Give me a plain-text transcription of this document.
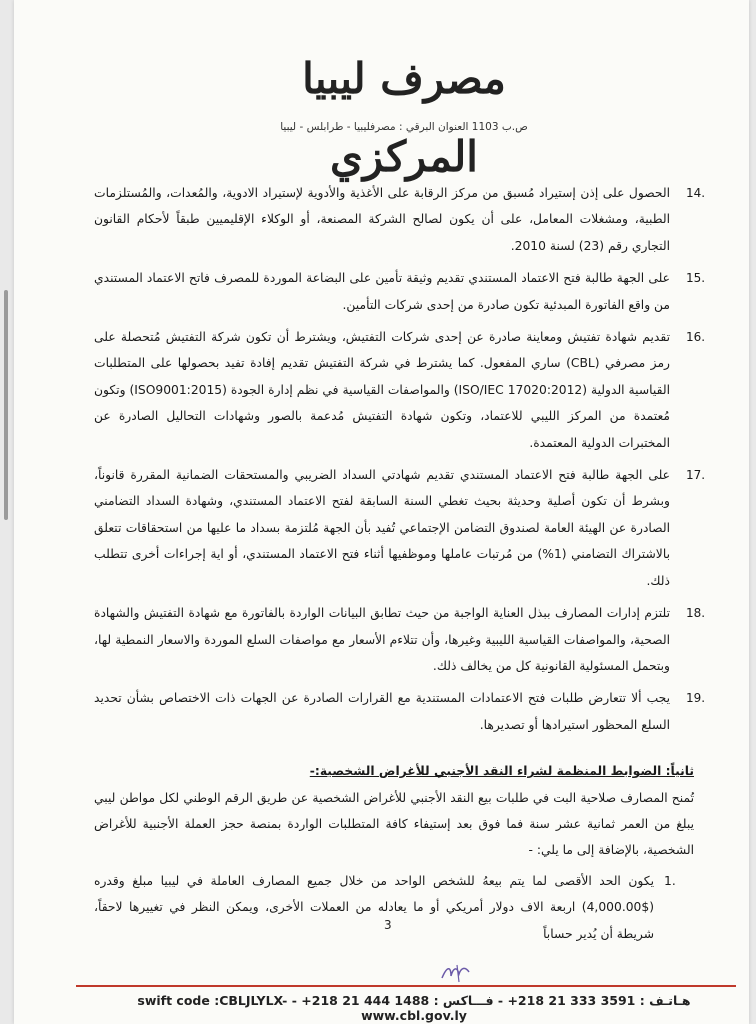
مصرف ليبيا المركزي
ص.ب 1103 العنوان البرقي : مصرفليبيا - طرابلس - ليبيا
14.
الحصول على إذن إستيراد مُسبق من مركز الرقابة على الأغذية والأدوية لإستيراد الادوية، والمُعدات، والمُستلزمات الطبية، ومشغلات المعامل، على أن يكون لصالح الشركة المصنعة، أو الوكلاء الإقليميين طبقاً لأحكام القانون التجاري رقم (23) لسنة 2010.
15.
على الجهة طالبة فتح الاعتماد المستندي تقديم وثيقة تأمين على البضاعة الموردة للمصرف فاتح الاعتماد المستندي من واقع الفاتورة المبدئية تكون صادرة من إحدى شركات التأمين.
16.
تقديم شهادة تفتيش ومعاينة صادرة عن إحدى شركات التفتيش، ويشترط أن تكون شركة التفتيش مُتحصلة على رمز مصرفي (CBL) ساري المفعول. كما يشترط في شركة التفتيش تقديم إفادة تفيد بحصولها على المتطلبات القياسية الدولية (ISO/IEC 17020:2012) والمواصفات القياسية في نظم إدارة الجودة (ISO9001:2015) وتكون مُعتمدة من المركز الليبي للاعتماد، وتكون شهادة التفتيش مُدعمة بالصور وشهادات التحاليل الصادرة عن المختبرات الدولية المعتمدة.
17.
على الجهة طالبة فتح الاعتماد المستندي تقديم شهادتي السداد الضريبي والمستحقات الضمانية المقررة قانوناً، وبشرط أن تكون أصلية وحديثة بحيث تغطي السنة السابقة لفتح الاعتماد المستندي، وشهادة السداد التضامني الصادرة عن الهيئة العامة لصندوق التضامن الإجتماعي تُفيد بأن الجهة مُلتزمة بسداد ما عليها من استحقاقات تتعلق بالاشتراك التضامني (1%) من مُرتبات عاملها وموظفيها أثناء فتح الاعتماد المستندي، أو اية إجراءات أخرى تتطلب ذلك.
18.
تلتزم إدارات المصارف ببذل العناية الواجبة من حيث تطابق البيانات الواردة بالفاتورة مع شهادة التفتيش والشهادة الصحية، والمواصفات القياسية الليبية وغيرها، وأن تتلاءم الأسعار مع مواصفات السلع الموردة والاسعار النمطية لها، وبتحمل المسئولية القانونية كل من يخالف ذلك.
19.
يجب ألا تتعارض طلبات فتح الاعتمادات المستندية مع القرارات الصادرة عن الجهات ذات الاختصاص بشأن تحديد السلع المحظور استيرادها أو تصديرها.
ثانياً: الضوابط المنظمة لشراء النقد الأجنبي للأغراض الشخصية:-
تُمنح المصارف صلاحية البت في طلبات بيع النقد الأجنبي للأغراض الشخصية عن طريق الرقم الوطني لكل مواطن ليبي يبلغ من العمر ثمانية عشر سنة فما فوق بعد إستيفاء كافة المتطلبات الواردة بمنصة حجز العملة الأجنبية للأغراض الشخصية، بالإضافة إلى ما يلي: -
1.
يكون الحد الأقصى لما يتم بيعهُ للشخص الواحد من خلال جميع المصارف العاملة في ليبيا مبلغ وقدره ($4,000.00) اربعة الاف دولار أمريكي أو ما يعادله من العملات الأخرى، ويمكن النظر في تغييرها لاحقاً، شريطة أن يُدير حساباً
3
هـاتـف : 3591 333 21 218+ - فـــاكس : 1488 444 21 218+ - swift code :CBLJLYLX- www.cbl.gov.ly
